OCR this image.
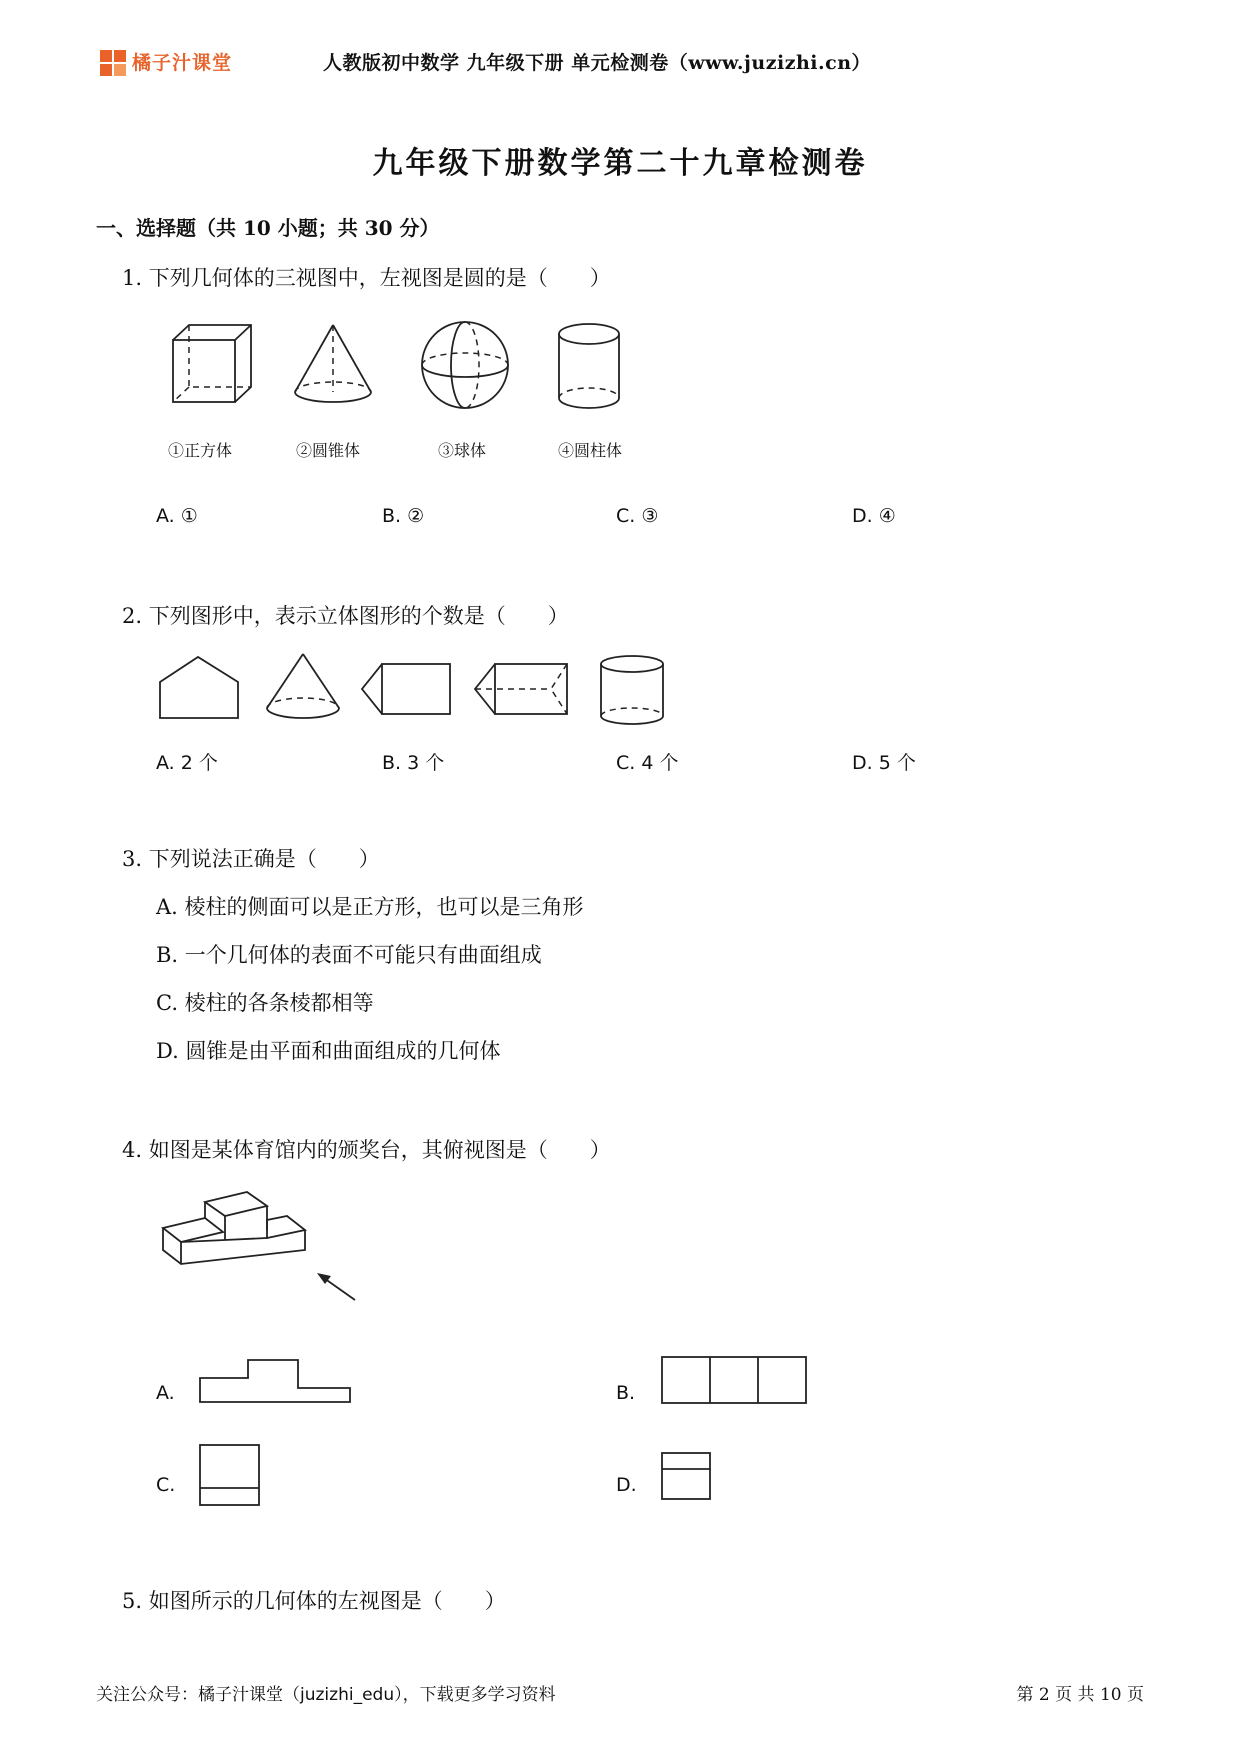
橘子汁课堂	人教版初中数学 九年级下册 单元检测卷（www.juzizhi.cn）
九年级下册数学第二十九章检测卷
一、选择题（共 10 小题；共 30 分）
1. 下列几何体的三视图中，左视图是圆的是（　　）
①正方体	②圆锥体	③球体	④圆柱体
A. ①	B. ②	C. ③	D. ④
2. 下列图形中，表示立体图形的个数是（　　）
A. 2 个	B. 3 个	C. 4 个	D. 5 个
3. 下列说法正确是（　　）
A. 棱柱的侧面可以是正方形，也可以是三角形
B. 一个几何体的表面不可能只有曲面组成
C. 棱柱的各条棱都相等
D. 圆锥是由平面和曲面组成的几何体
4. 如图是某体育馆内的颁奖台，其俯视图是（　　）
A.	B.
C.	D.
5. 如图所示的几何体的左视图是（　　）
关注公众号：橘子汁课堂（juzizhi_edu），下载更多学习资料	第 2 页 共 10 页
